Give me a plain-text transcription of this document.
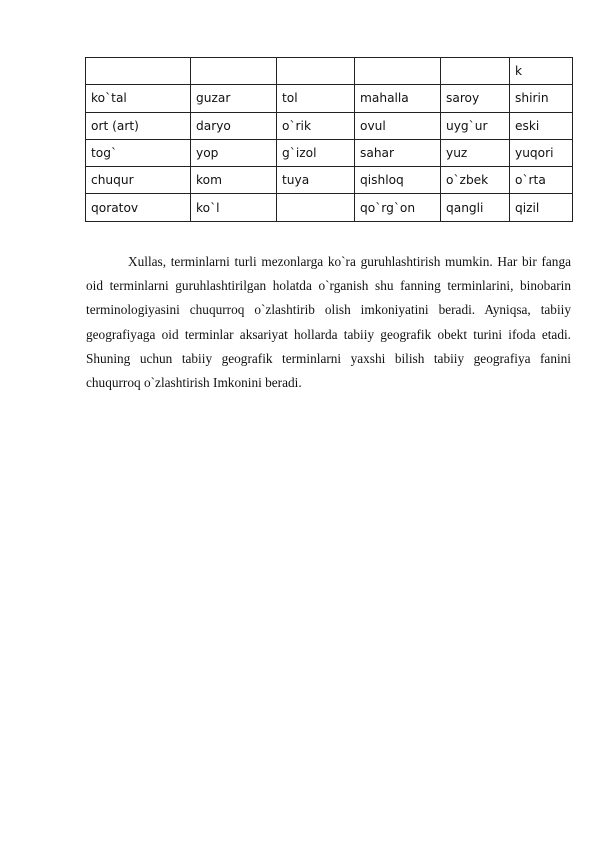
					k
ko`tal	guzar	tol	mahalla	saroy	shirin
ort (art)	daryo	o`rik	ovul	uyg`ur	eski
tog`	yop	g`izol	sahar	yuz	yuqori
chuqur	kom	tuya	qishloq	o`zbek	o`rta
qoratov	ko`l		qo`rg`on	qangli	qizil

Xullas, terminlarni turli mezonlarga ko`ra guruhlashtirish mumkin. Har bir fanga oid terminlarni guruhlashtirilgan holatda o`rganish shu fanning terminlarini, binobarin terminologiyasini chuqurroq o`zlashtirib olish imkoniyatini beradi. Ayniqsa, tabiiy geografiyaga oid terminlar aksariyat hollarda tabiiy geografik obekt turini ifoda etadi. Shuning uchun tabiiy geografik terminlarni yaxshi bilish tabiiy geografiya fanini chuqurroq o`zlashtirish Imkonini beradi.
